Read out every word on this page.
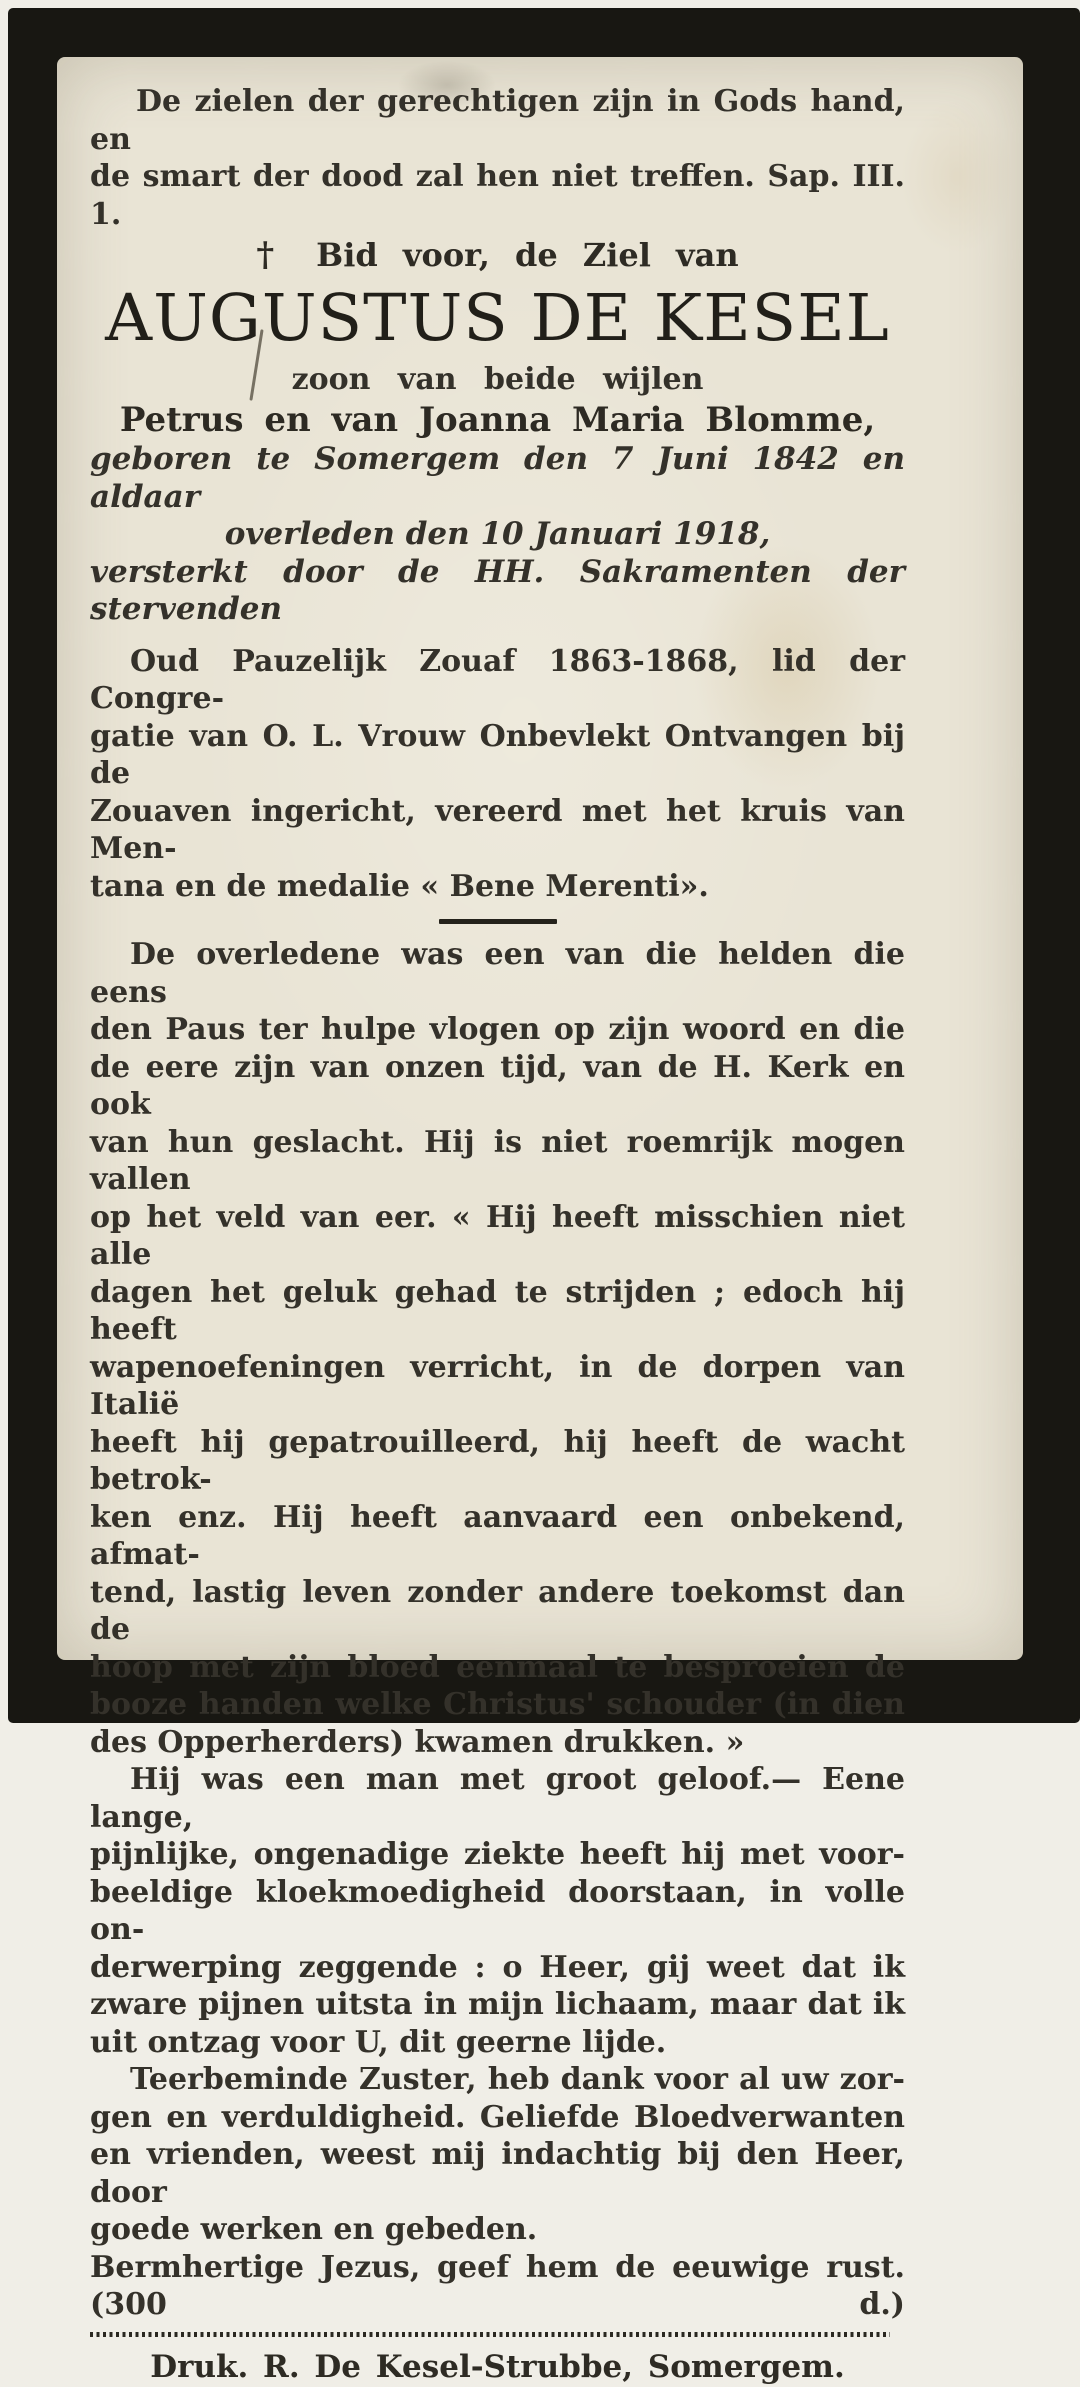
De zielen der gerechtigen zijn in Gods hand, en
de smart der dood zal hen niet treffen. Sap. III. 1.
† Bid voor, de Ziel van
AUGUSTUS DE KESEL
zoon van beide wijlen
Petrus en van Joanna Maria Blomme,
geboren te Somergem den 7 Juni 1842 en aldaar
overleden den 10 Januari 1918,
versterkt door de HH. Sakramenten der stervenden
Oud Pauzelijk Zouaf 1863-1868, lid der Congre-
gatie van O. L. Vrouw Onbevlekt Ontvangen bij de
Zouaven ingericht, vereerd met het kruis van Men-
tana en de medalie « Bene Merenti».
De overledene was een van die helden die eens
den Paus ter hulpe vlogen op zijn woord en die
de eere zijn van onzen tijd, van de H. Kerk en ook
van hun geslacht. Hij is niet roemrijk mogen vallen
op het veld van eer. « Hij heeft misschien niet alle
dagen het geluk gehad te strijden ; edoch hij heeft
wapenoefeningen verricht, in de dorpen van Italië
heeft hij gepatrouilleerd, hij heeft de wacht betrok-
ken enz. Hij heeft aanvaard een onbekend, afmat-
tend, lastig leven zonder andere toekomst dan de
hoop met zijn bloed eenmaal te besproeien de
booze handen welke Christus' schouder (in dien
des Opperherders) kwamen drukken. »
Hij was een man met groot geloof.— Eene lange,
pijnlijke, ongenadige ziekte heeft hij met voor-
beeldige kloekmoedigheid doorstaan, in volle on-
derwerping zeggende : o Heer, gij weet dat ik
zware pijnen uitsta in mijn lichaam, maar dat ik
uit ontzag voor U, dit geerne lijde.
Teerbeminde Zuster, heb dank voor al uw zor-
gen en verduldigheid. Geliefde Bloedverwanten
en vrienden, weest mij indachtig bij den Heer, door
goede werken en gebeden.
Bermhertige Jezus, geef hem de eeuwige rust. (300 d.)
Druk. R. De Kesel-Strubbe, Somergem.
